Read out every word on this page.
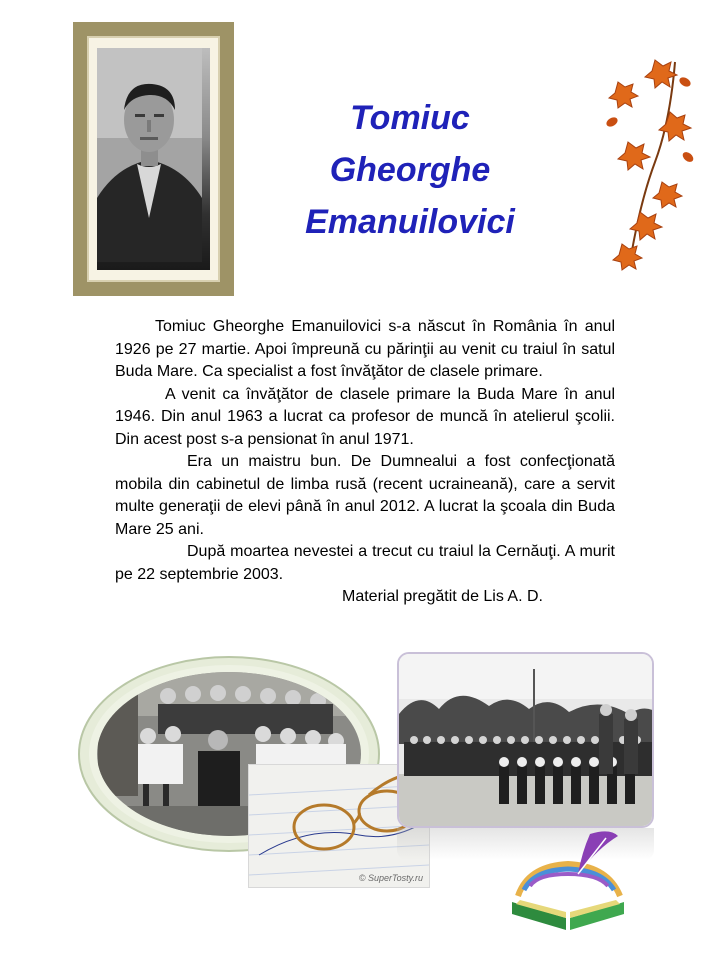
Tomiuc
Gheorghe
Emanuilovici

Tomiuc Gheorghe Emanuilovici s-a născut în România în anul 1926 pe 27 martie. Apoi împreună cu părinţii au venit cu traiul în satul Buda Mare. Ca specialist a fost învăţător de clasele primare.

A venit ca învăţător de clasele primare la Buda Mare în anul 1946. Din anul 1963 a lucrat ca profesor de muncă în atelierul şcolii. Din acest post s-a pensionat în anul 1971.

Era un maistru bun. De Dumnealui a fost confecţionată mobila din cabinetul de limba rusă (recent ucraineană), care a servit multe generaţii de elevi până în anul 2012. A lucrat la şcoala din Buda Mare 25 ani.

După moartea nevestei a trecut cu traiul la Cernăuţi. A murit pe 22 septembrie 2003.

Material pregătit de Lis A. D.

© SuperTosty.ru
